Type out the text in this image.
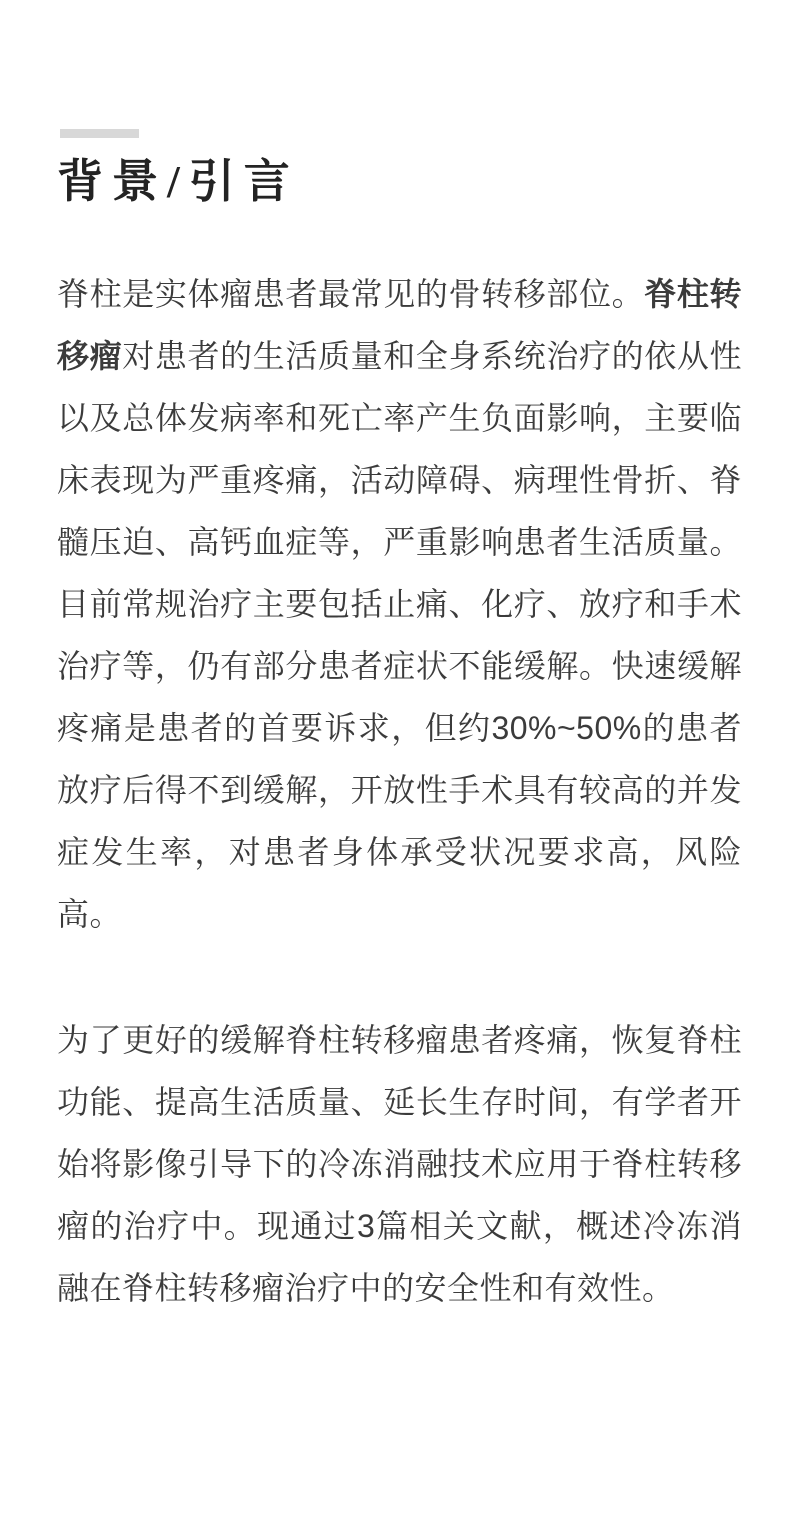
背景/引言

脊柱是实体瘤患者最常见的骨转移部位。脊柱转移瘤对患者的生活质量和全身系统治疗的依从性以及总体发病率和死亡率产生负面影响，主要临床表现为严重疼痛，活动障碍、病理性骨折、脊髓压迫、高钙血症等，严重影响患者生活质量。目前常规治疗主要包括止痛、化疗、放疗和手术治疗等，仍有部分患者症状不能缓解。快速缓解疼痛是患者的首要诉求，但约30%~50%的患者放疗后得不到缓解，开放性手术具有较高的并发症发生率，对患者身体承受状况要求高，风险高。

为了更好的缓解脊柱转移瘤患者疼痛，恢复脊柱功能、提高生活质量、延长生存时间，有学者开始将影像引导下的冷冻消融技术应用于脊柱转移瘤的治疗中。现通过3篇相关文献，概述冷冻消融在脊柱转移瘤治疗中的安全性和有效性。
